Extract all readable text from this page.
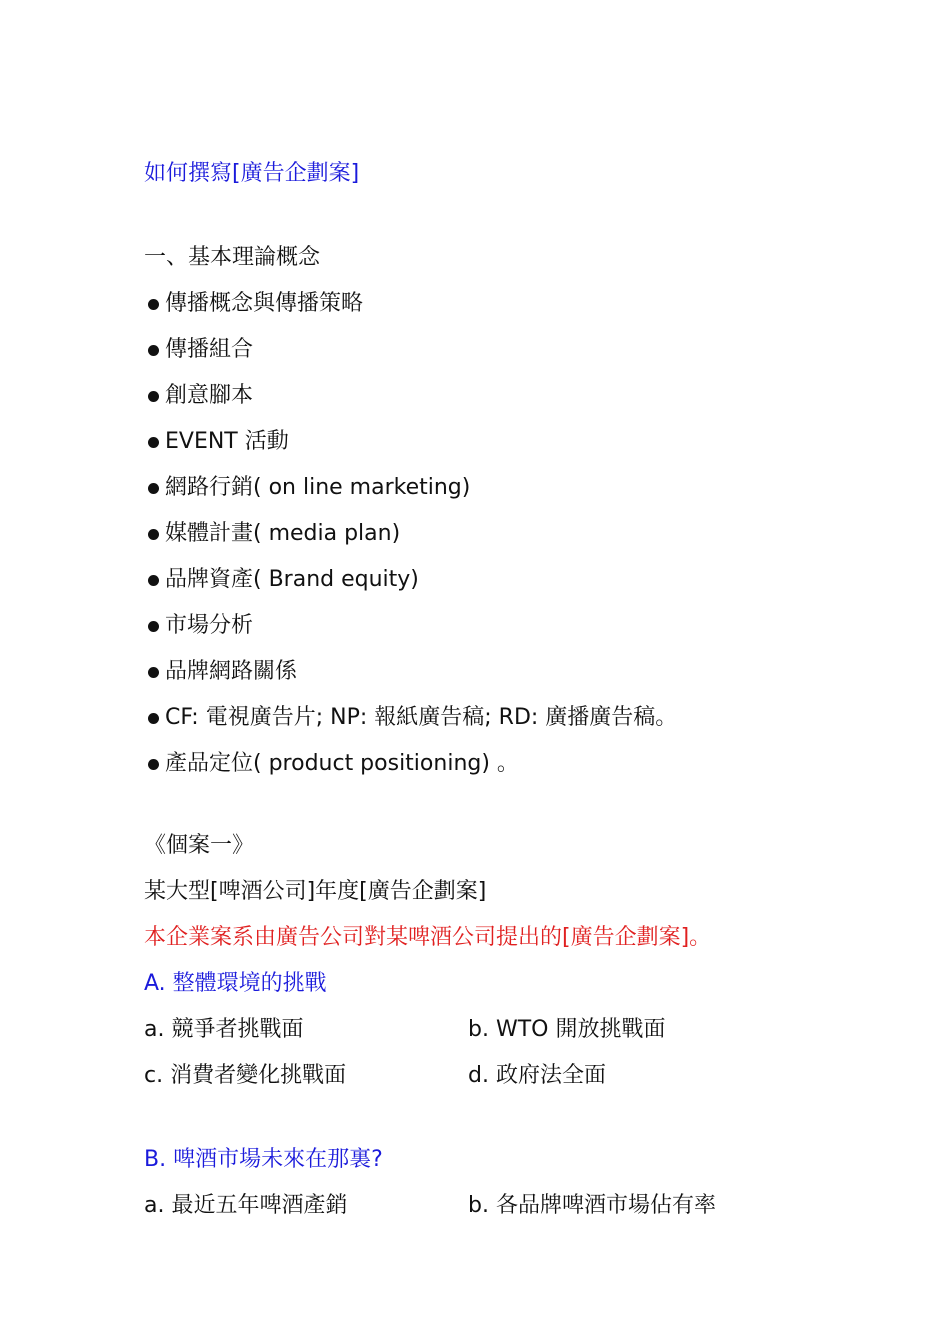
如何撰寫[廣告企劃案]
一、基本理論概念
傳播概念與傳播策略
傳播組合
創意腳本
EVENT 活動
網路行銷( on line marketing)
媒體計畫( media plan)
品牌資產( Brand equity)
市場分析
品牌網路關係
CF: 電視廣告片; NP: 報紙廣告稿; RD: 廣播廣告稿。
產品定位( product positioning) 。
《個案一》
某大型[啤酒公司]年度[廣告企劃案]
本企業案系由廣告公司對某啤酒公司提出的[廣告企劃案]。
A. 整體環境的挑戰
a. 競爭者挑戰面	b. WTO 開放挑戰面
c. 消費者變化挑戰面	d. 政府法全面
B. 啤酒市場未來在那裏?
a. 最近五年啤酒產銷	b. 各品牌啤酒市場佔有率
